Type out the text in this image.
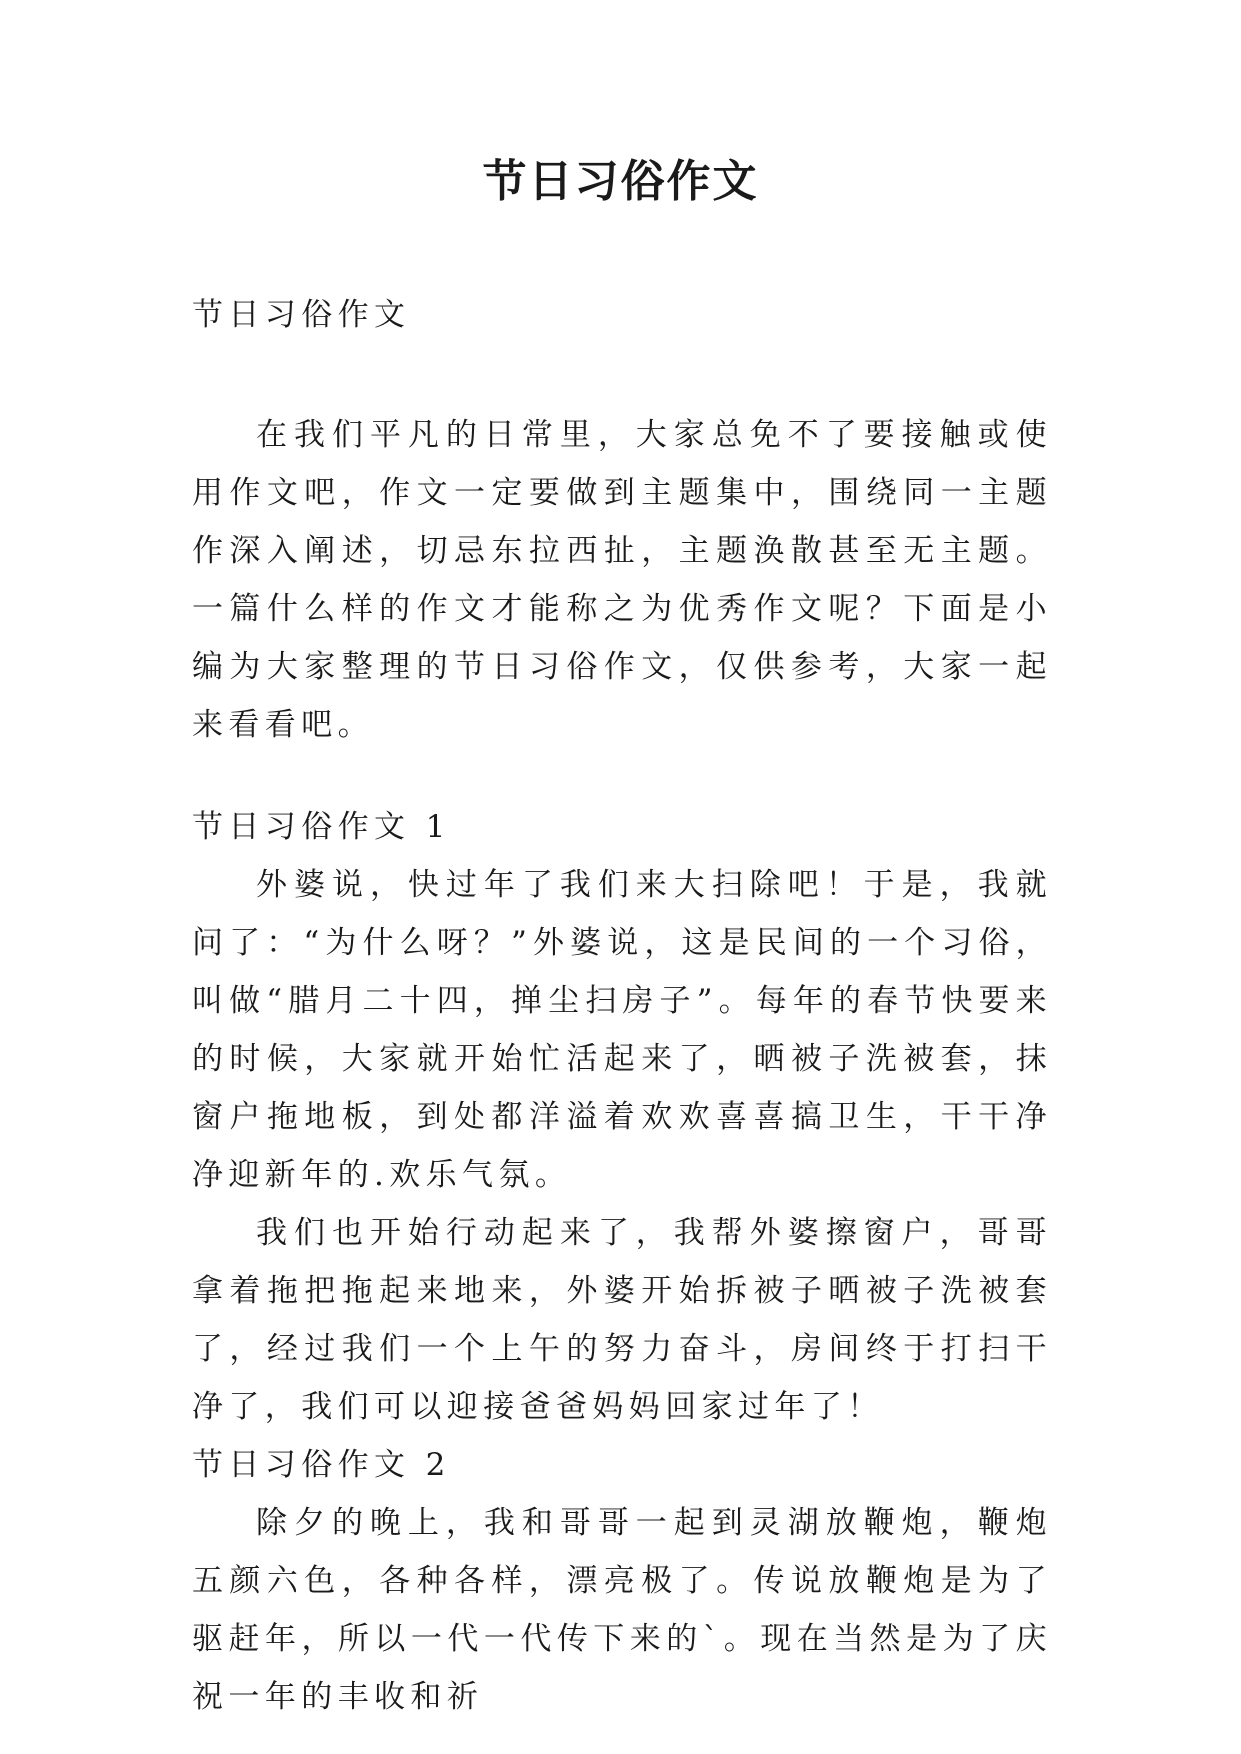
节日习俗作文

节日习俗作文

在我们平凡的日常里，大家总免不了要接触或使用作文吧，作文一定要做到主题集中，围绕同一主题作深入阐述，切忌东拉西扯，主题涣散甚至无主题。一篇什么样的作文才能称之为优秀作文呢？下面是小编为大家整理的节日习俗作文，仅供参考，大家一起来看看吧。

节日习俗作文 1

外婆说，快过年了我们来大扫除吧！于是，我就问了：“为什么呀？”外婆说，这是民间的一个习俗，叫做“腊月二十四，掸尘扫房子”。每年的春节快要来的时候，大家就开始忙活起来了，晒被子洗被套，抹窗户拖地板，到处都洋溢着欢欢喜喜搞卫生，干干净净迎新年的.欢乐气氛。

我们也开始行动起来了，我帮外婆擦窗户，哥哥拿着拖把拖起来地来，外婆开始拆被子晒被子洗被套了，经过我们一个上午的努力奋斗，房间终于打扫干净了，我们可以迎接爸爸妈妈回家过年了！

节日习俗作文 2

除夕的晚上，我和哥哥一起到灵湖放鞭炮，鞭炮五颜六色，各种各样，漂亮极了。传说放鞭炮是为了驱赶年，所以一代一代传下来的`。现在当然是为了庆祝一年的丰收和祈
